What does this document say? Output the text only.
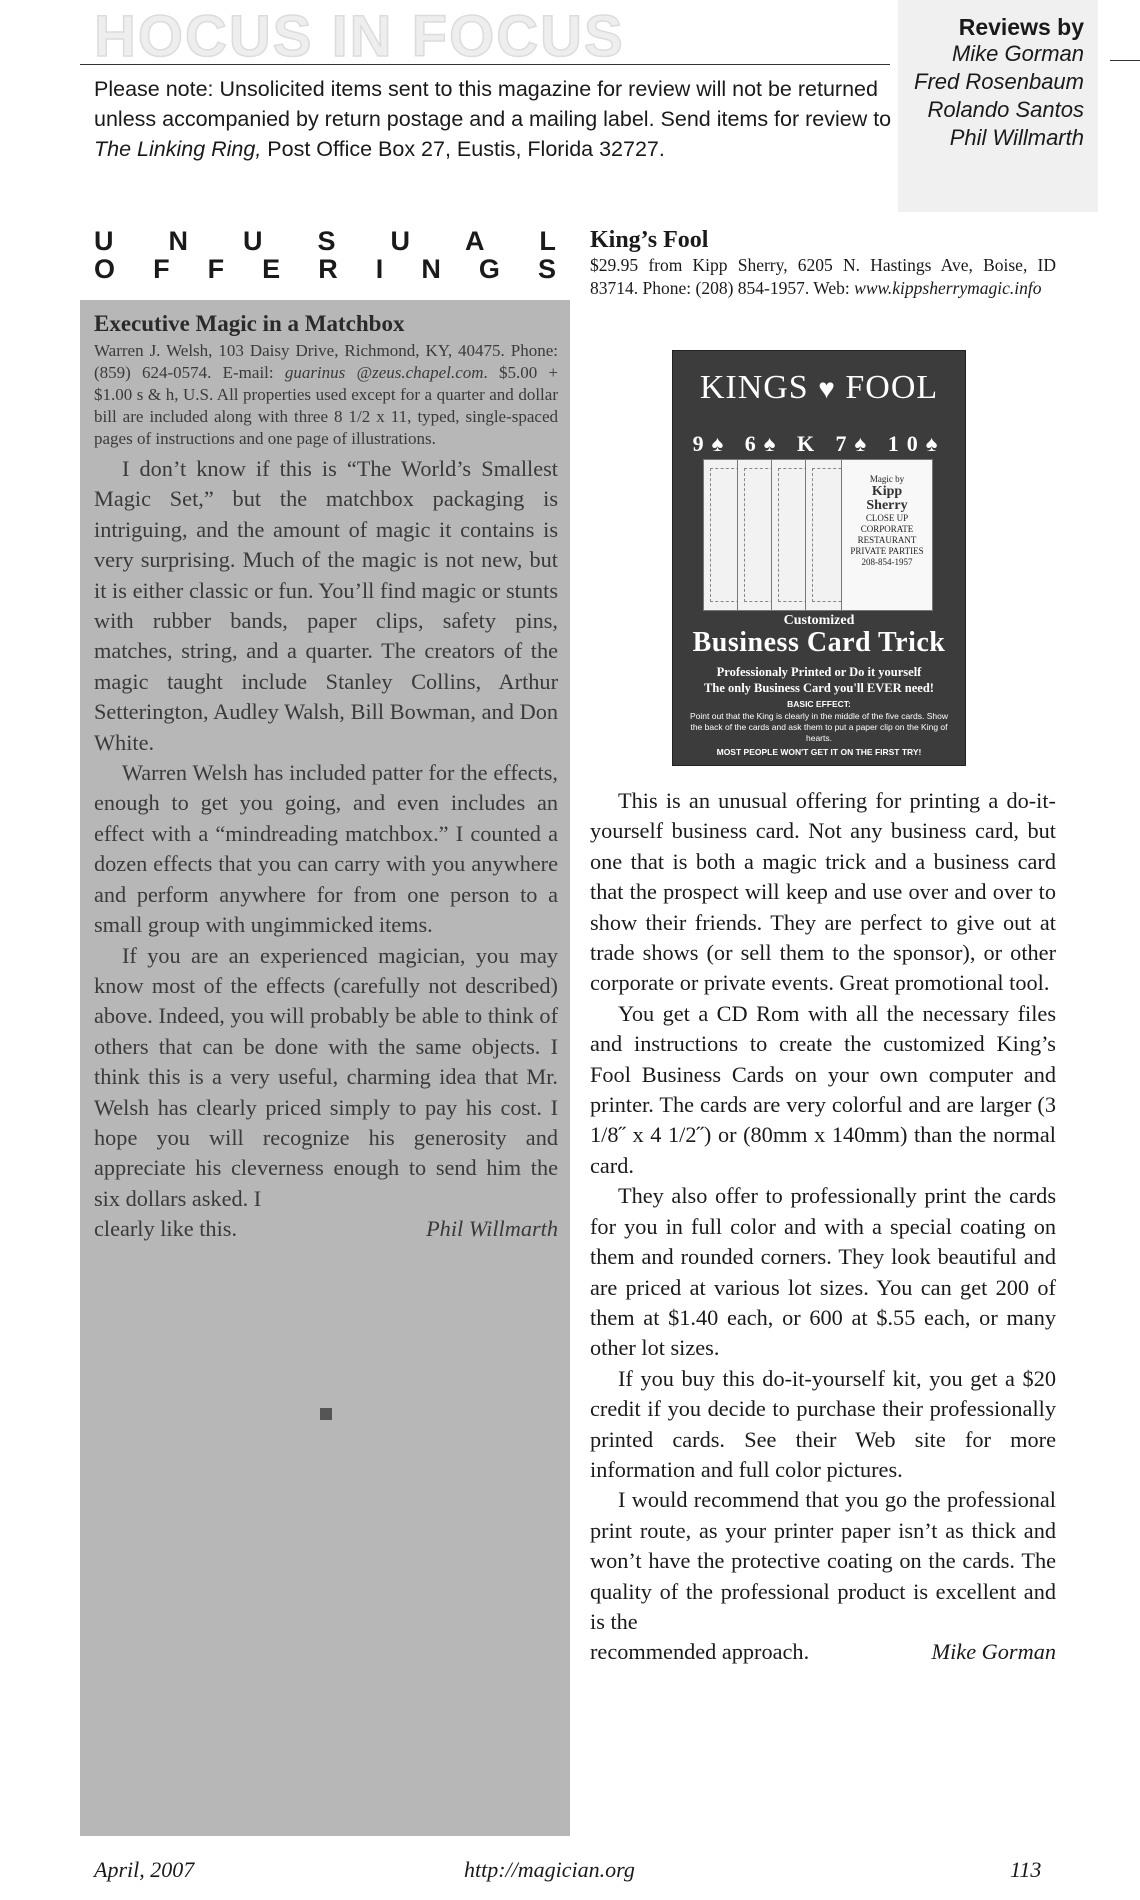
HOCUS IN FOCUS	Reviews by
Mike Gorman
Fred Rosenbaum
Rolando Santos
Phil Willmarth

Please note: Unsolicited items sent to this magazine for review will not be returned unless accompanied by return postage and a mailing label. Send items for review to The Linking Ring, Post Office Box 27, Eustis, Florida 32727.

U N U S U A L
O F F E R I N G S
Executive Magic in a Matchbox

Warren J. Welsh, 103 Daisy Drive, Richmond, KY, 40475. Phone: (859) 624-0574. E-mail: guarinus @zeus.chapel.com. $5.00 + $1.00 s & h, U.S. All properties used except for a quarter and dollar bill are included along with three 8 1/2 x 11, typed, single-spaced pages of instructions and one page of illustrations.

I don’t know if this is “The World’s Smallest Magic Set,” but the matchbox packaging is intriguing, and the amount of magic it contains is very surprising. Much of the magic is not new, but it is either classic or fun. You’ll find magic or stunts with rubber bands, paper clips, safety pins, matches, string, and a quarter. The creators of the magic taught include Stanley Collins, Arthur Setterington, Audley Walsh, Bill Bowman, and Don White.

Warren Welsh has included patter for the effects, enough to get you going, and even includes an effect with a “mindreading matchbox.” I counted a dozen effects that you can carry with you anywhere and perform anywhere for from one person to a small group with ungimmicked items.

If you are an experienced magician, you may know most of the effects (carefully not described) above. Indeed, you will probably be able to think of others that can be done with the same objects. I think this is a very useful, charming idea that Mr. Welsh has clearly priced simply to pay his cost. I hope you will recognize his generosity and appreciate his cleverness enough to send him the six dollars asked. I

clearly like this.	Phil Willmarth
King’s Fool

$29.95 from Kipp Sherry, 6205 N. Hastings Ave, Boise, ID 83714. Phone: (208) 854-1957. Web: www.kippsherrymagic.info

KINGS ♥ FOOL
9♠ 6♠ K 7♠ 10♠
Magic by

Kipp
Sherry
CLOSE UP
CORPORATE RESTAURANT PRIVATE PARTIES
208-854-1957
Customized
Business Card Trick
Professionaly Printed or Do it yourself
The only Business Card you'll EVER need!
BASIC EFFECT:
Point out that the King is clearly in the middle of the five cards. Show the back of the cards and ask them to put a paper clip on the King of hearts.
MOST PEOPLE WON'T GET IT ON THE FIRST TRY!

This is an unusual offering for printing a do-it-yourself business card. Not any business card, but one that is both a magic trick and a business card that the prospect will keep and use over and over to show their friends. They are perfect to give out at trade shows (or sell them to the sponsor), or other corporate or private events. Great promotional tool.

You get a CD Rom with all the necessary files and instructions to create the customized King’s Fool Business Cards on your own computer and printer. The cards are very colorful and are larger (3 1/8˝ x 4 1/2˝) or (80mm x 140mm) than the normal card.

They also offer to professionally print the cards for you in full color and with a special coating on them and rounded corners. They look beautiful and are priced at various lot sizes. You can get 200 of them at $1.40 each, or 600 at $.55 each, or many other lot sizes.

If you buy this do-it-yourself kit, you get a $20 credit if you decide to purchase their professionally printed cards. See their Web site for more information and full color pictures.

I would recommend that you go the professional print route, as your printer paper isn’t as thick and won’t have the protective coating on the cards. The quality of the professional product is excellent and is the

recommended approach.	Mike Gorman
April, 2007	http://magician.org	113
